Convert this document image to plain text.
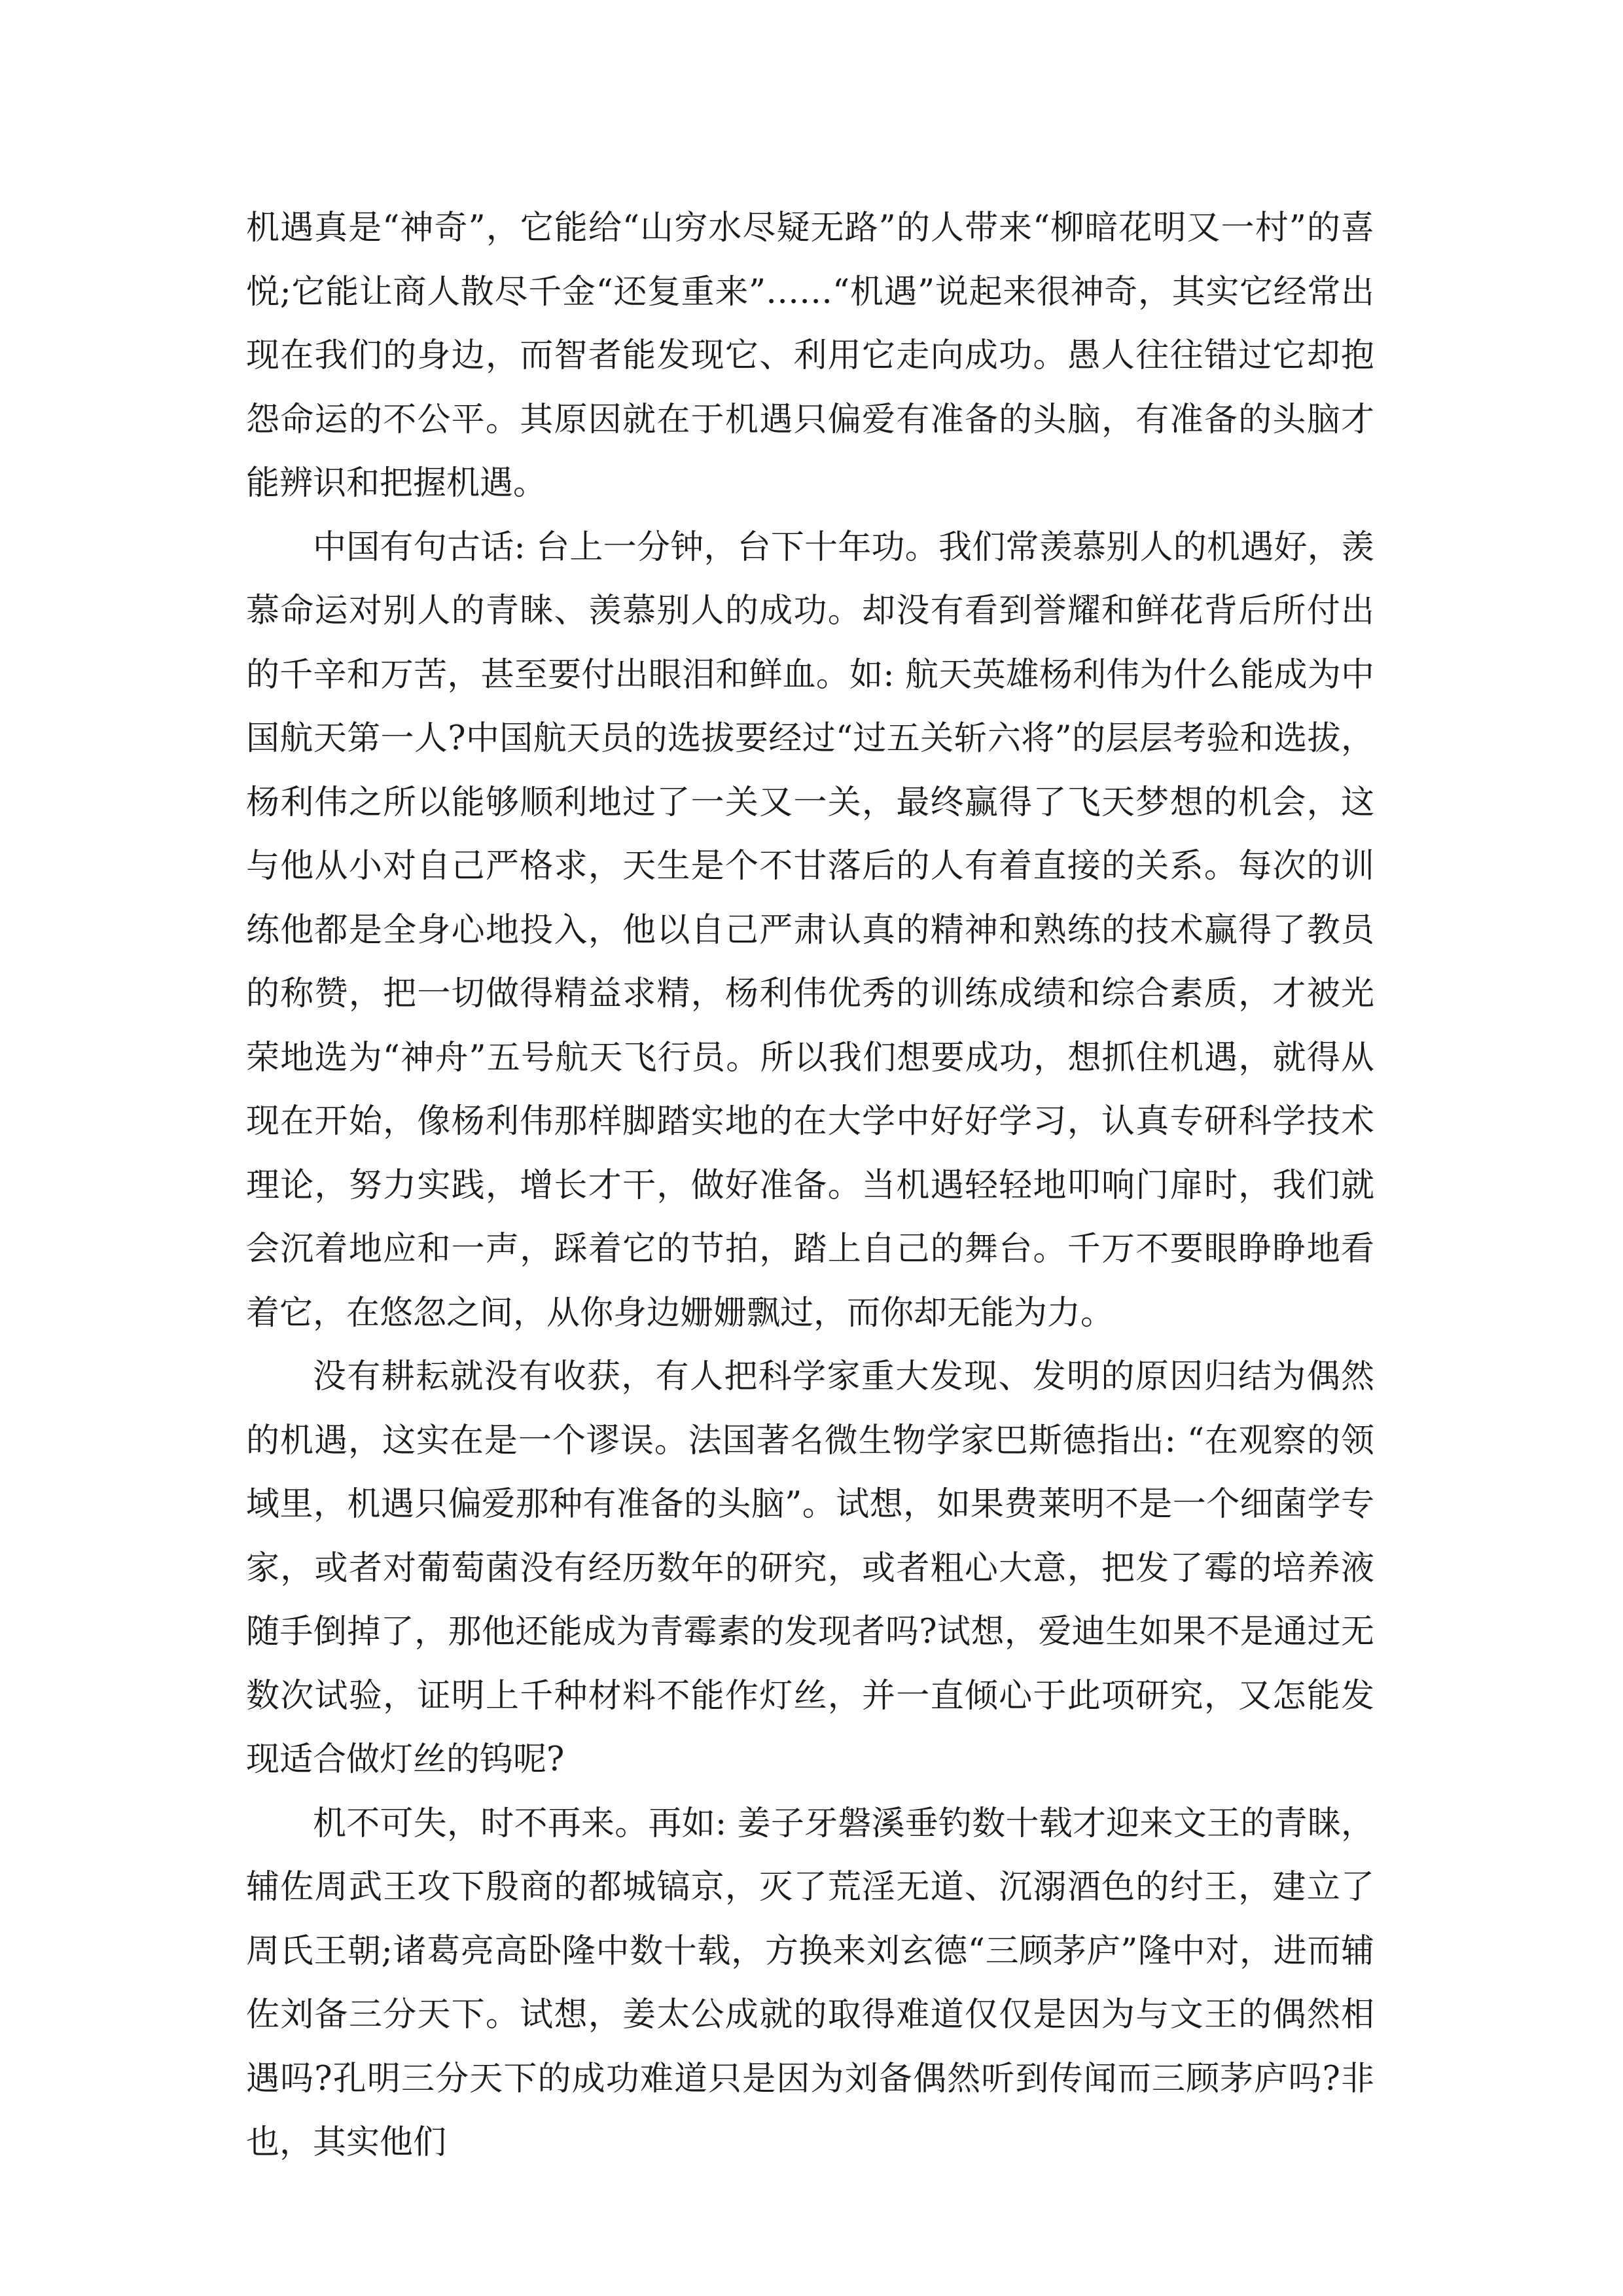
机遇真是“神奇”，它能给“山穷水尽疑无路”的人带来“柳暗花明又一村”的喜悦;它能让商人散尽千金“还复重来”……“机遇”说起来很神奇，其实它经常出现在我们的身边，而智者能发现它、利用它走向成功。愚人往往错过它却抱怨命运的不公平。其原因就在于机遇只偏爱有准备的头脑，有准备的头脑才能辨识和把握机遇。

中国有句古话: 台上一分钟，台下十年功。我们常羡慕别人的机遇好，羡慕命运对别人的青睐、羡慕别人的成功。却没有看到誉耀和鲜花背后所付出的千辛和万苦，甚至要付出眼泪和鲜血。如: 航天英雄杨利伟为什么能成为中国航天第一人?中国航天员的选拔要经过“过五关斩六将”的层层考验和选拔，杨利伟之所以能够顺利地过了一关又一关，最终赢得了飞天梦想的机会，这与他从小对自己严格求，天生是个不甘落后的人有着直接的关系。每次的训练他都是全身心地投入，他以自己严肃认真的精神和熟练的技术赢得了教员的称赞，把一切做得精益求精，杨利伟优秀的训练成绩和综合素质，才被光荣地选为“神舟”五号航天飞行员。所以我们想要成功，想抓住机遇，就得从现在开始，像杨利伟那样脚踏实地的在大学中好好学习，认真专研科学技术理论，努力实践，增长才干，做好准备。当机遇轻轻地叩响门扉时，我们就会沉着地应和一声，踩着它的节拍，踏上自己的舞台。千万不要眼睁睁地看着它，在悠忽之间，从你身边姗姗飘过，而你却无能为力。

没有耕耘就没有收获，有人把科学家重大发现、发明的原因归结为偶然的机遇，这实在是一个谬误。法国著名微生物学家巴斯德指出: “在观察的领域里，机遇只偏爱那种有准备的头脑”。试想，如果费莱明不是一个细菌学专家，或者对葡萄菌没有经历数年的研究，或者粗心大意，把发了霉的培养液随手倒掉了，那他还能成为青霉素的发现者吗?试想，爱迪生如果不是通过无数次试验，证明上千种材料不能作灯丝，并一直倾心于此项研究，又怎能发现适合做灯丝的钨呢?

机不可失，时不再来。再如: 姜子牙磐溪垂钓数十载才迎来文王的青睐，辅佐周武王攻下殷商的都城镐京，灭了荒淫无道、沉溺酒色的纣王，建立了周氏王朝;诸葛亮高卧隆中数十载，方换来刘玄德“三顾茅庐”隆中对，进而辅佐刘备三分天下。试想，姜太公成就的取得难道仅仅是因为与文王的偶然相遇吗?孔明三分天下的成功难道只是因为刘备偶然听到传闻而三顾茅庐吗?非也，其实他们
